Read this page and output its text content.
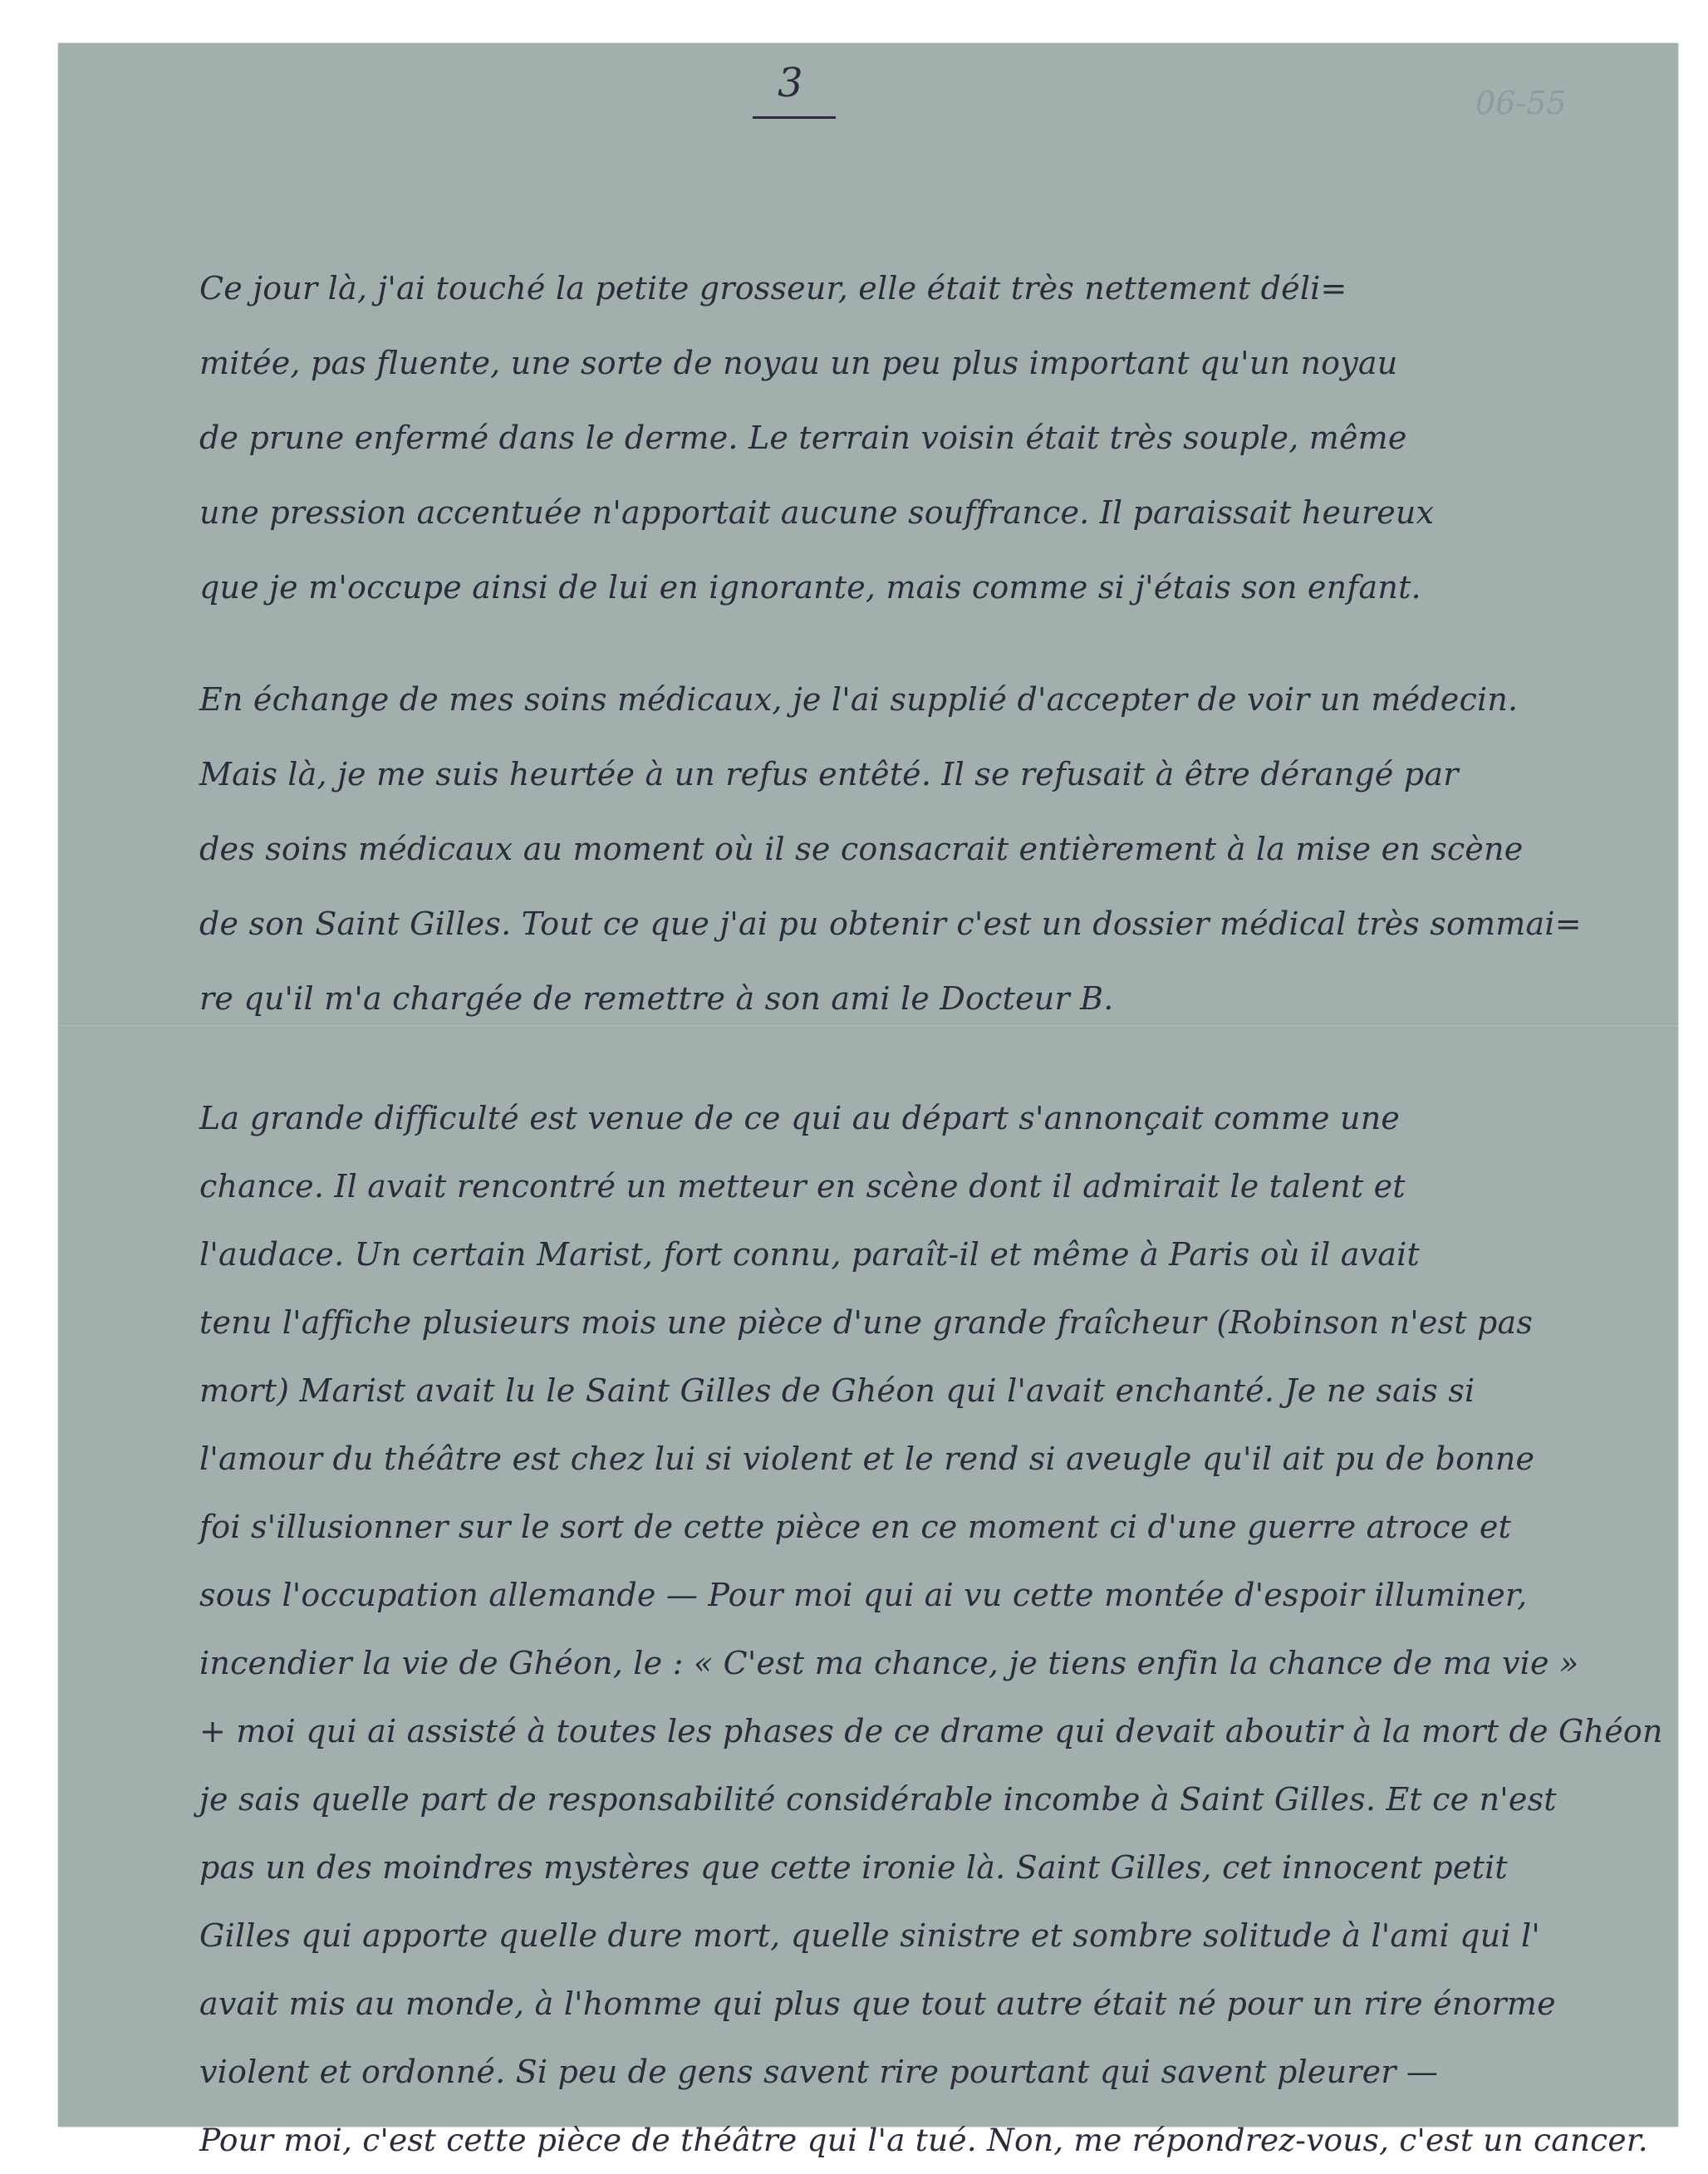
3	06-55
Ce jour là, j'ai touché la petite grosseur, elle était très nettement déli=
mitée, pas fluente, une sorte de noyau un peu plus important qu'un noyau
de prune enfermé dans le derme. Le terrain voisin était très souple, même
une pression accentuée n'apportait aucune souffrance. Il paraissait heureux
que je m'occupe ainsi de lui en ignorante, mais comme si j'étais son enfant.
En échange de mes soins médicaux, je l'ai supplié d'accepter de voir un médecin.
Mais là, je me suis heurtée à un refus entêté. Il se refusait à être dérangé par
des soins médicaux au moment où il se consacrait entièrement à la mise en scène
de son Saint Gilles. Tout ce que j'ai pu obtenir c'est un dossier médical très sommai=
re qu'il m'a chargée de remettre à son ami le Docteur B.
La grande difficulté est venue de ce qui au départ s'annonçait comme une
chance. Il avait rencontré un metteur en scène dont il admirait le talent et
l'audace. Un certain Marist, fort connu, paraît-il et même à Paris où il avait
tenu l'affiche plusieurs mois une pièce d'une grande fraîcheur (Robinson n'est pas
mort) Marist avait lu le Saint Gilles de Ghéon qui l'avait enchanté. Je ne sais si
l'amour du théâtre est chez lui si violent et le rend si aveugle qu'il ait pu de bonne
foi s'illusionner sur le sort de cette pièce en ce moment ci d'une guerre atroce et
sous l'occupation allemande — Pour moi qui ai vu cette montée d'espoir illuminer,
incendier la vie de Ghéon, le : « C'est ma chance, je tiens enfin la chance de ma vie »
+ moi qui ai assisté à toutes les phases de ce drame qui devait aboutir à la mort de Ghéon
je sais quelle part de responsabilité considérable incombe à Saint Gilles. Et ce n'est
pas un des moindres mystères que cette ironie là. Saint Gilles, cet innocent petit
Gilles qui apporte quelle dure mort, quelle sinistre et sombre solitude à l'ami qui l'
avait mis au monde, à l'homme qui plus que tout autre était né pour un rire énorme
violent et ordonné. Si peu de gens savent rire pourtant qui savent pleurer —
Pour moi, c'est cette pièce de théâtre qui l'a tué. Non, me répondrez-vous, c'est un cancer.
